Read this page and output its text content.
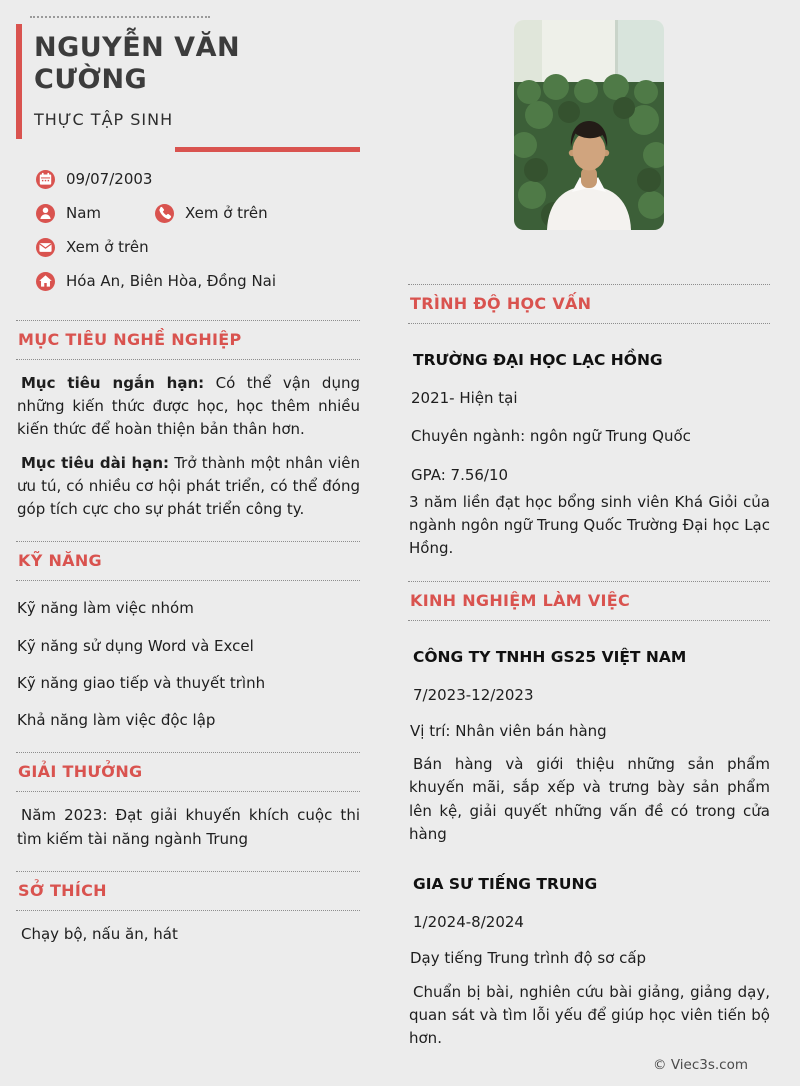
NGUYỄN VĂN CƯỜNG
THỰC TẬP SINH
09/07/2003
Nam	Xem ở trên
Xem ở trên
Hóa An, Biên Hòa, Đồng Nai
MỤC TIÊU NGHỀ NGHIỆP

Mục tiêu ngắn hạn: Có thể vận dụng những kiến thức được học, học thêm nhiều kiến thức để hoàn thiện bản thân hơn.

Mục tiêu dài hạn: Trở thành một nhân viên ưu tú, có nhiều cơ hội phát triển, có thể đóng góp tích cực cho sự phát triển công ty.

KỸ NĂNG
Kỹ năng làm việc nhóm
Kỹ năng sử dụng Word và Excel
Kỹ năng giao tiếp và thuyết trình
Khả năng làm việc độc lập
GIẢI THƯỞNG

Năm 2023: Đạt giải khuyến khích cuộc thi tìm kiếm tài năng ngành Trung

SỞ THÍCH

Chạy bộ, nấu ăn, hát

TRÌNH ĐỘ HỌC VẤN
TRƯỜNG ĐẠI HỌC LẠC HỒNG
2021- Hiện tại
Chuyên ngành: ngôn ngữ Trung Quốc
GPA: 7.56/10

3 năm liền đạt học bổng sinh viên Khá Giỏi của ngành ngôn ngữ Trung Quốc Trường Đại học Lạc Hồng.

KINH NGHIỆM LÀM VIỆC
CÔNG TY TNHH GS25 VIỆT NAM
7/2023-12/2023
Vị trí: Nhân viên bán hàng

Bán hàng và giới thiệu những sản phẩm khuyến mãi, sắp xếp và trưng bày sản phẩm lên kệ, giải quyết những vấn đề có trong cửa hàng

GIA SƯ TIẾNG TRUNG
1/2024-8/2024
Dạy tiếng Trung trình độ sơ cấp

Chuẩn bị bài, nghiên cứu bài giảng, giảng dạy, quan sát và tìm lỗi yếu để giúp học viên tiến bộ hơn.

© Viec3s.com
